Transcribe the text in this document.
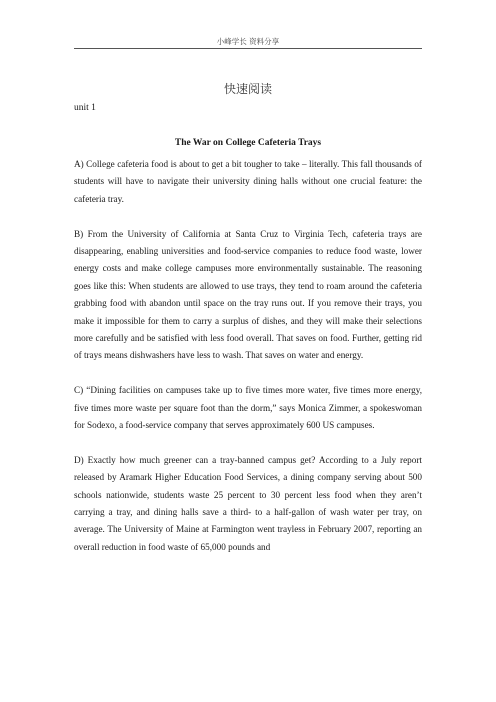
小峰学长 资料分享
快速阅读
unit 1
The War on College Cafeteria Trays

A) College cafeteria food is about to get a bit tougher to take – literally. This fall thousands of students will have to navigate their university dining halls without one crucial feature: the cafeteria tray.

B) From the University of California at Santa Cruz to Virginia Tech, cafeteria trays are disappearing, enabling universities and food-service companies to reduce food waste, lower energy costs and make college campuses more environmentally sustainable. The reasoning goes like this: When students are allowed to use trays, they tend to roam around the cafeteria grabbing food with abandon until space on the tray runs out. If you remove their trays, you make it impossible for them to carry a surplus of dishes, and they will make their selections more carefully and be satisfied with less food overall. That saves on food. Further, getting rid of trays means dishwashers have less to wash. That saves on water and energy.

C) “Dining facilities on campuses take up to five times more water, five times more energy, five times more waste per square foot than the dorm,” says Monica Zimmer, a spokeswoman for Sodexo, a food-service company that serves approximately 600 US campuses.

D) Exactly how much greener can a tray-banned campus get? According to a July report released by Aramark Higher Education Food Services, a dining company serving about 500 schools nationwide, students waste 25 percent to 30 percent less food when they aren’t carrying a tray, and dining halls save a third- to a half-gallon of wash water per tray, on average. The University of Maine at Farmington went trayless in February 2007, reporting an overall reduction in food waste of 65,000 pounds and
